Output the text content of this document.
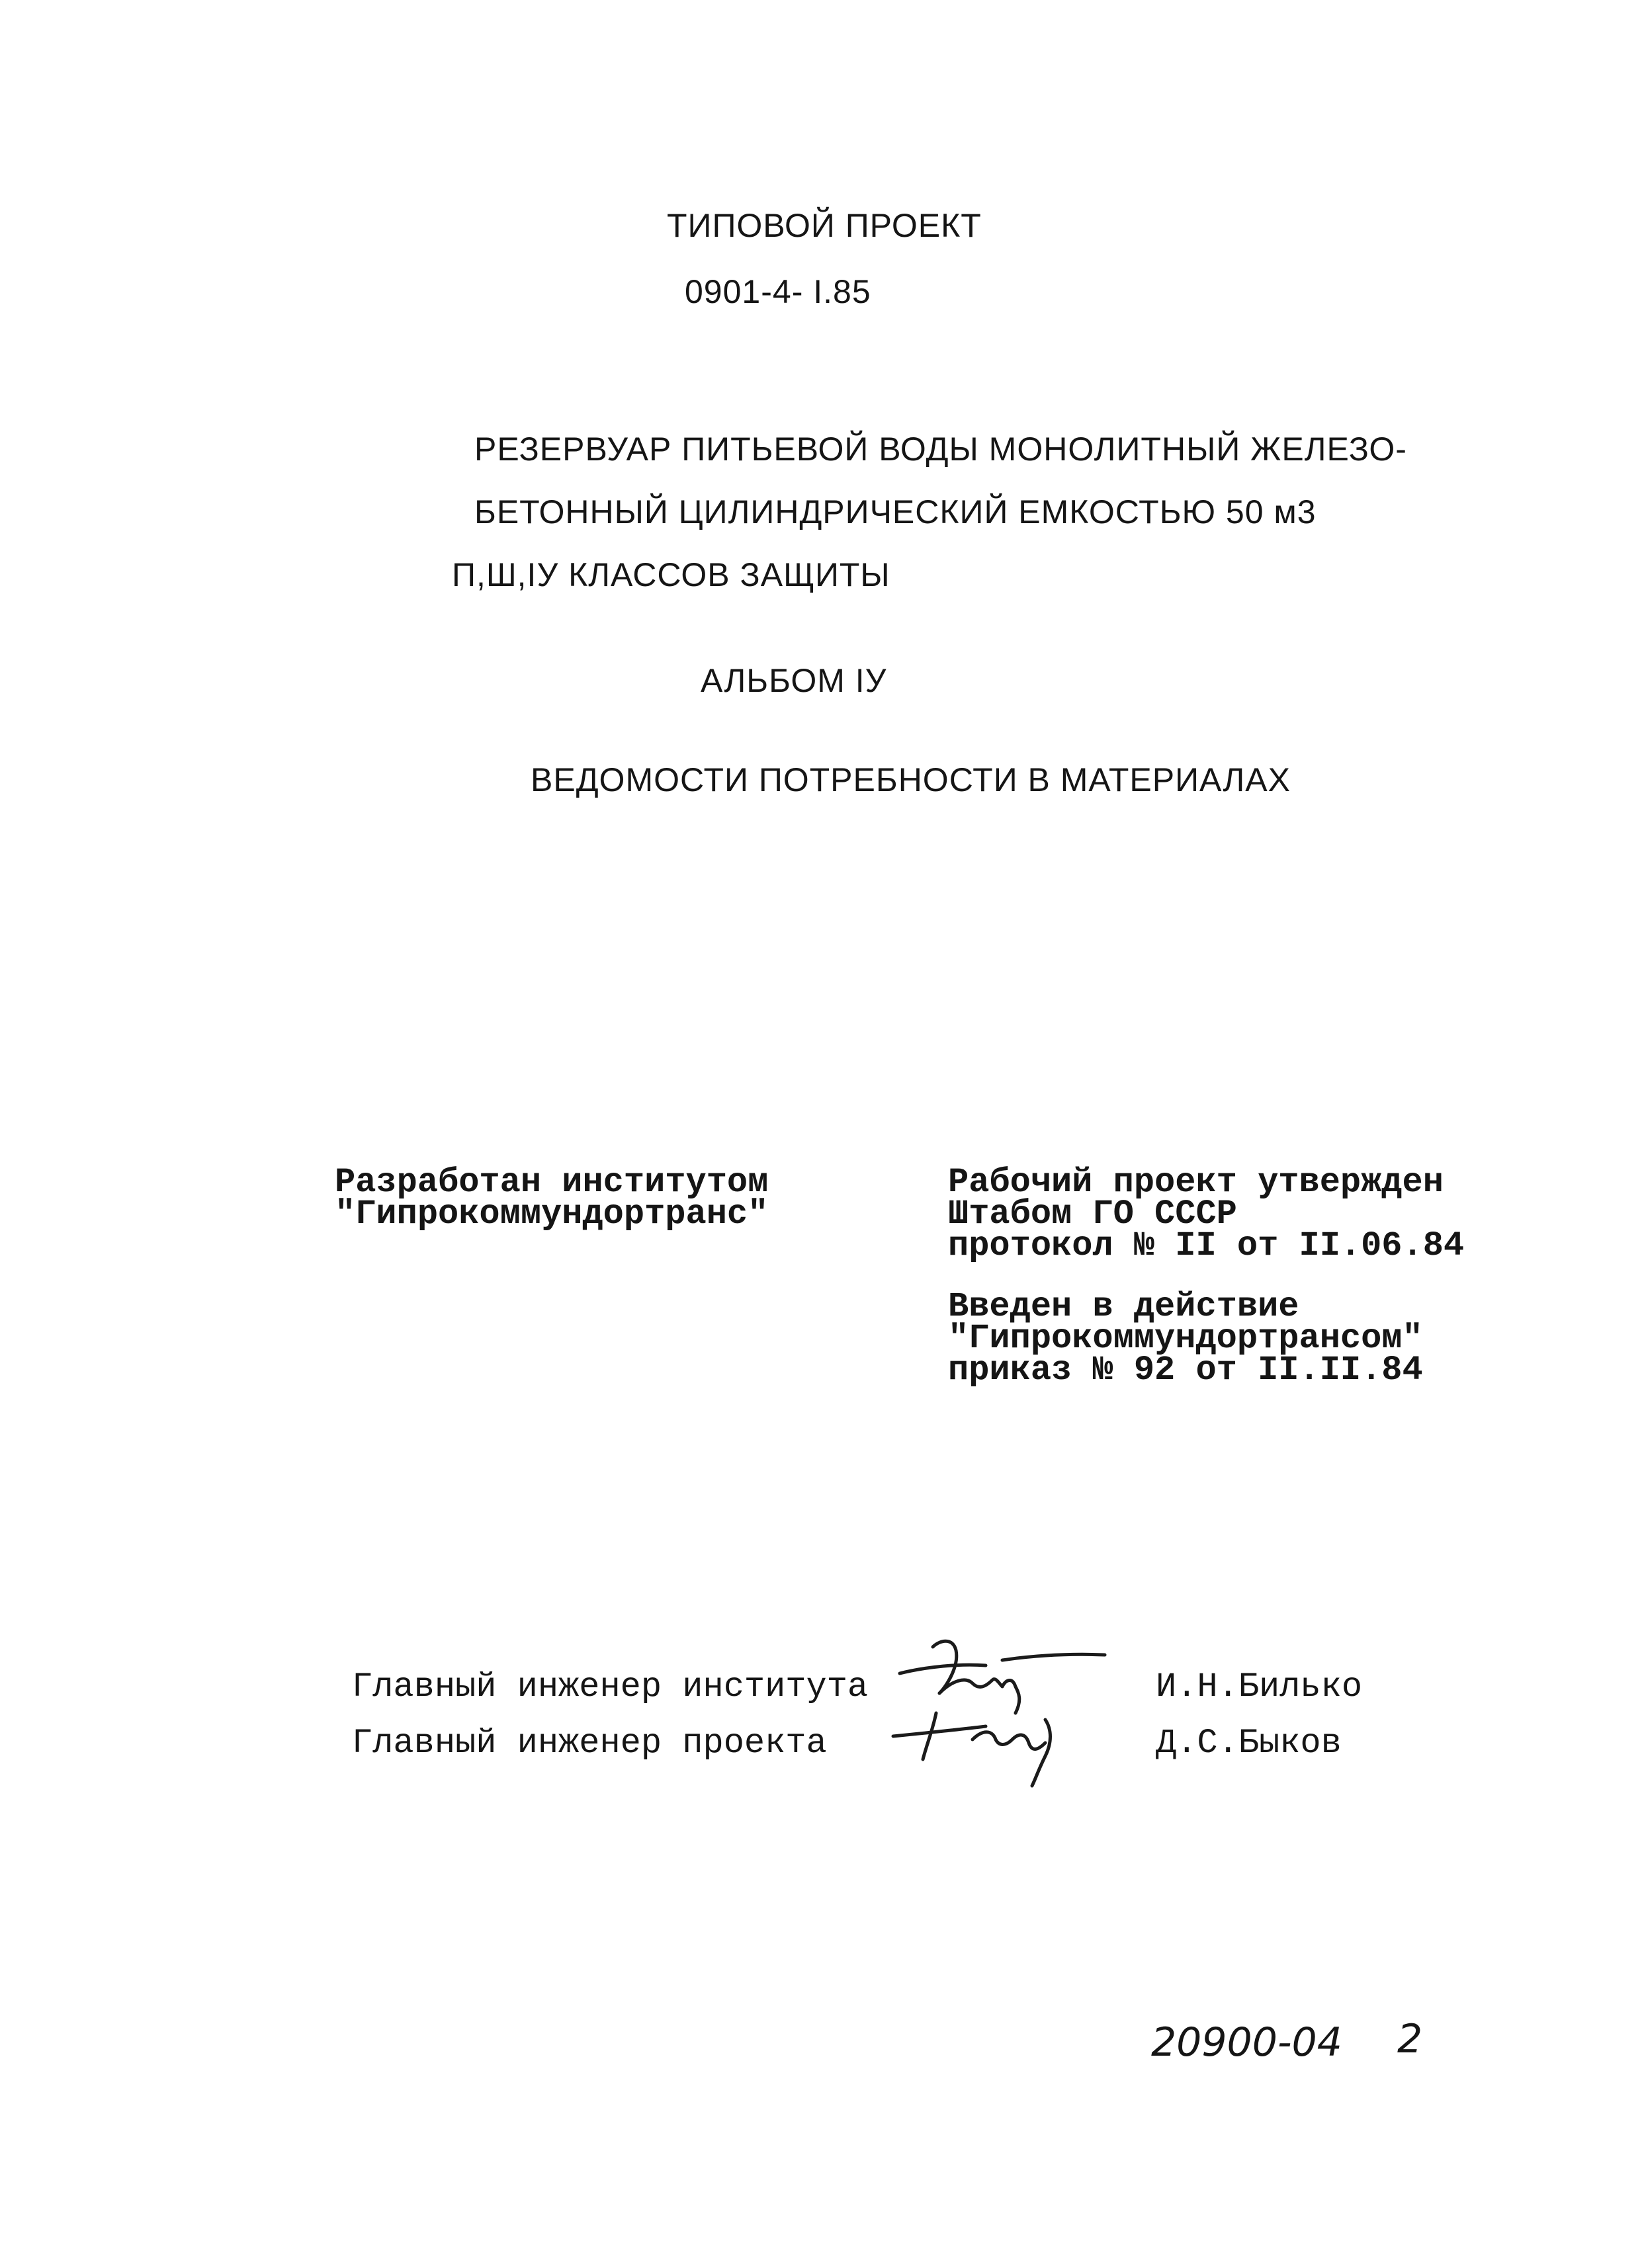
ТИПОВОЙ ПРОЕКТ
0901-4- I.85
РЕЗЕРВУАР ПИТЬЕВОЙ ВОДЫ МОНОЛИТНЫЙ ЖЕЛЕЗО-
БЕТОННЫЙ ЦИЛИНДРИЧЕСКИЙ ЕМКОСТЬЮ 50 м3
П,Ш,IУ КЛАССОВ ЗАЩИТЫ
АЛЬБОМ IУ
ВЕДОМОСТИ ПОТРЕБНОСТИ В МАТЕРИАЛАХ
Разработан институтом
"Гипрокоммундортранс"
Рабочий проект утвержден
Штабом ГО СССР
протокол № II от II.06.84
Введен в действие
"Гипрокоммундортрансом"
приказ № 92 от II.II.84
Главный инженер института
Главный инженер проекта
И.Н.Билько
Д.С.Быков
20900-04 2
